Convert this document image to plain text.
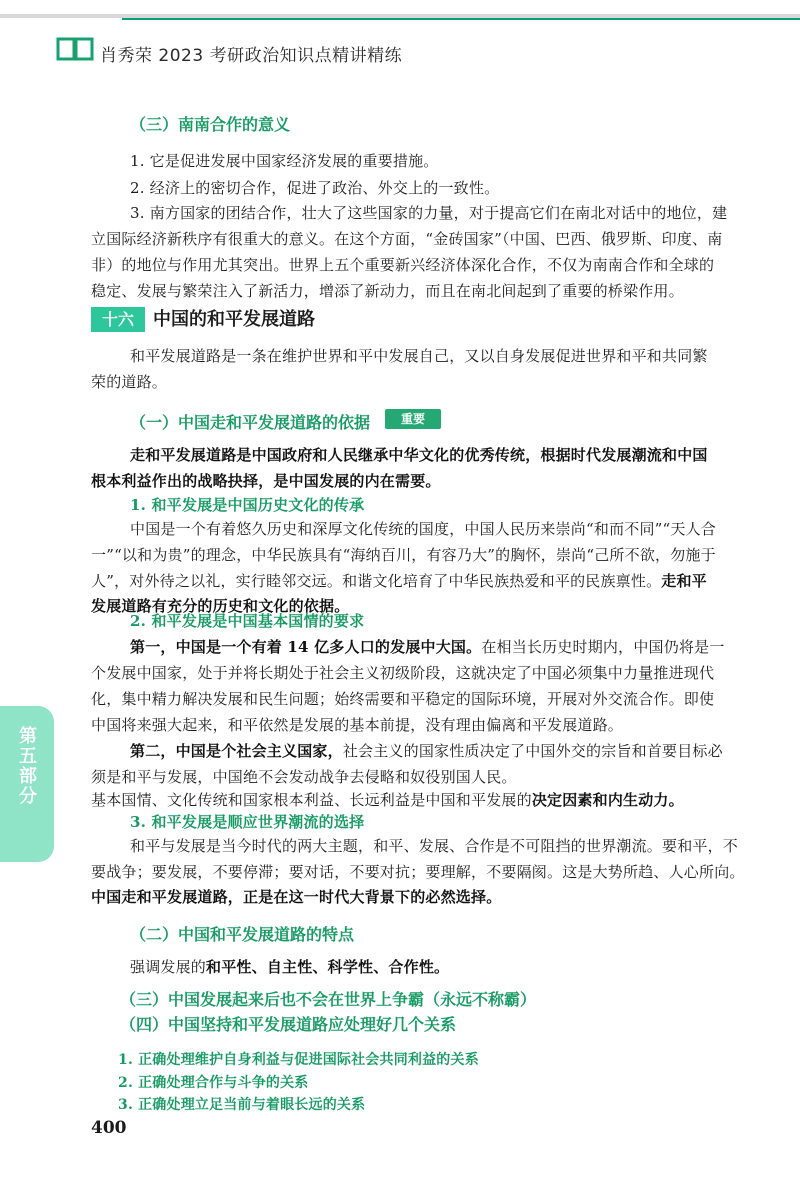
肖秀荣 2023 考研政治知识点精讲精练
（三）南南合作的意义
1. 它是促进发展中国家经济发展的重要措施。
2. 经济上的密切合作，促进了政治、外交上的一致性。
3. 南方国家的团结合作，壮大了这些国家的力量，对于提高它们在南北对话中的地位，建
立国际经济新秩序有很重大的意义。在这个方面，“金砖国家”（中国、巴西、俄罗斯、印度、南
非）的地位与作用尤其突出。世界上五个重要新兴经济体深化合作，不仅为南南合作和全球的
稳定、发展与繁荣注入了新活力，增添了新动力，而且在南北间起到了重要的桥梁作用。
十六	中国的和平发展道路
和平发展道路是一条在维护世界和平中发展自己，又以自身发展促进世界和平和共同繁
荣的道路。
（一）中国走和平发展道路的依据	重要
走和平发展道路是中国政府和人民继承中华文化的优秀传统，根据时代发展潮流和中国
根本利益作出的战略抉择，是中国发展的内在需要。
1. 和平发展是中国历史文化的传承
中国是一个有着悠久历史和深厚文化传统的国度，中国人民历来崇尚“和而不同”“天人合
一”“以和为贵”的理念，中华民族具有“海纳百川，有容乃大”的胸怀，崇尚“己所不欲，勿施于
人”，对外待之以礼，实行睦邻交远。和谐文化培育了中华民族热爱和平的民族禀性。走和平
发展道路有充分的历史和文化的依据。
2. 和平发展是中国基本国情的要求
第一，中国是一个有着 14 亿多人口的发展中大国。在相当长历史时期内，中国仍将是一
个发展中国家，处于并将长期处于社会主义初级阶段，这就决定了中国必须集中力量推进现代
化，集中精力解决发展和民生问题；始终需要和平稳定的国际环境，开展对外交流合作。即使
中国将来强大起来，和平依然是发展的基本前提，没有理由偏离和平发展道路。
第二，中国是个社会主义国家，社会主义的国家性质决定了中国外交的宗旨和首要目标必
须是和平与发展，中国绝不会发动战争去侵略和奴役别国人民。
基本国情、文化传统和国家根本利益、长远利益是中国和平发展的决定因素和内生动力。
3. 和平发展是顺应世界潮流的选择
和平与发展是当今时代的两大主题，和平、发展、合作是不可阻挡的世界潮流。要和平，不
要战争；要发展，不要停滞；要对话，不要对抗；要理解，不要隔阂。这是大势所趋、人心所向。
中国走和平发展道路，正是在这一时代大背景下的必然选择。
（二）中国和平发展道路的特点
强调发展的和平性、自主性、科学性、合作性。
（三）中国发展起来后也不会在世界上争霸（永远不称霸）
（四）中国坚持和平发展道路应处理好几个关系
1. 正确处理维护自身利益与促进国际社会共同利益的关系
2. 正确处理合作与斗争的关系
3. 正确处理立足当前与着眼长远的关系
第五部分
400
